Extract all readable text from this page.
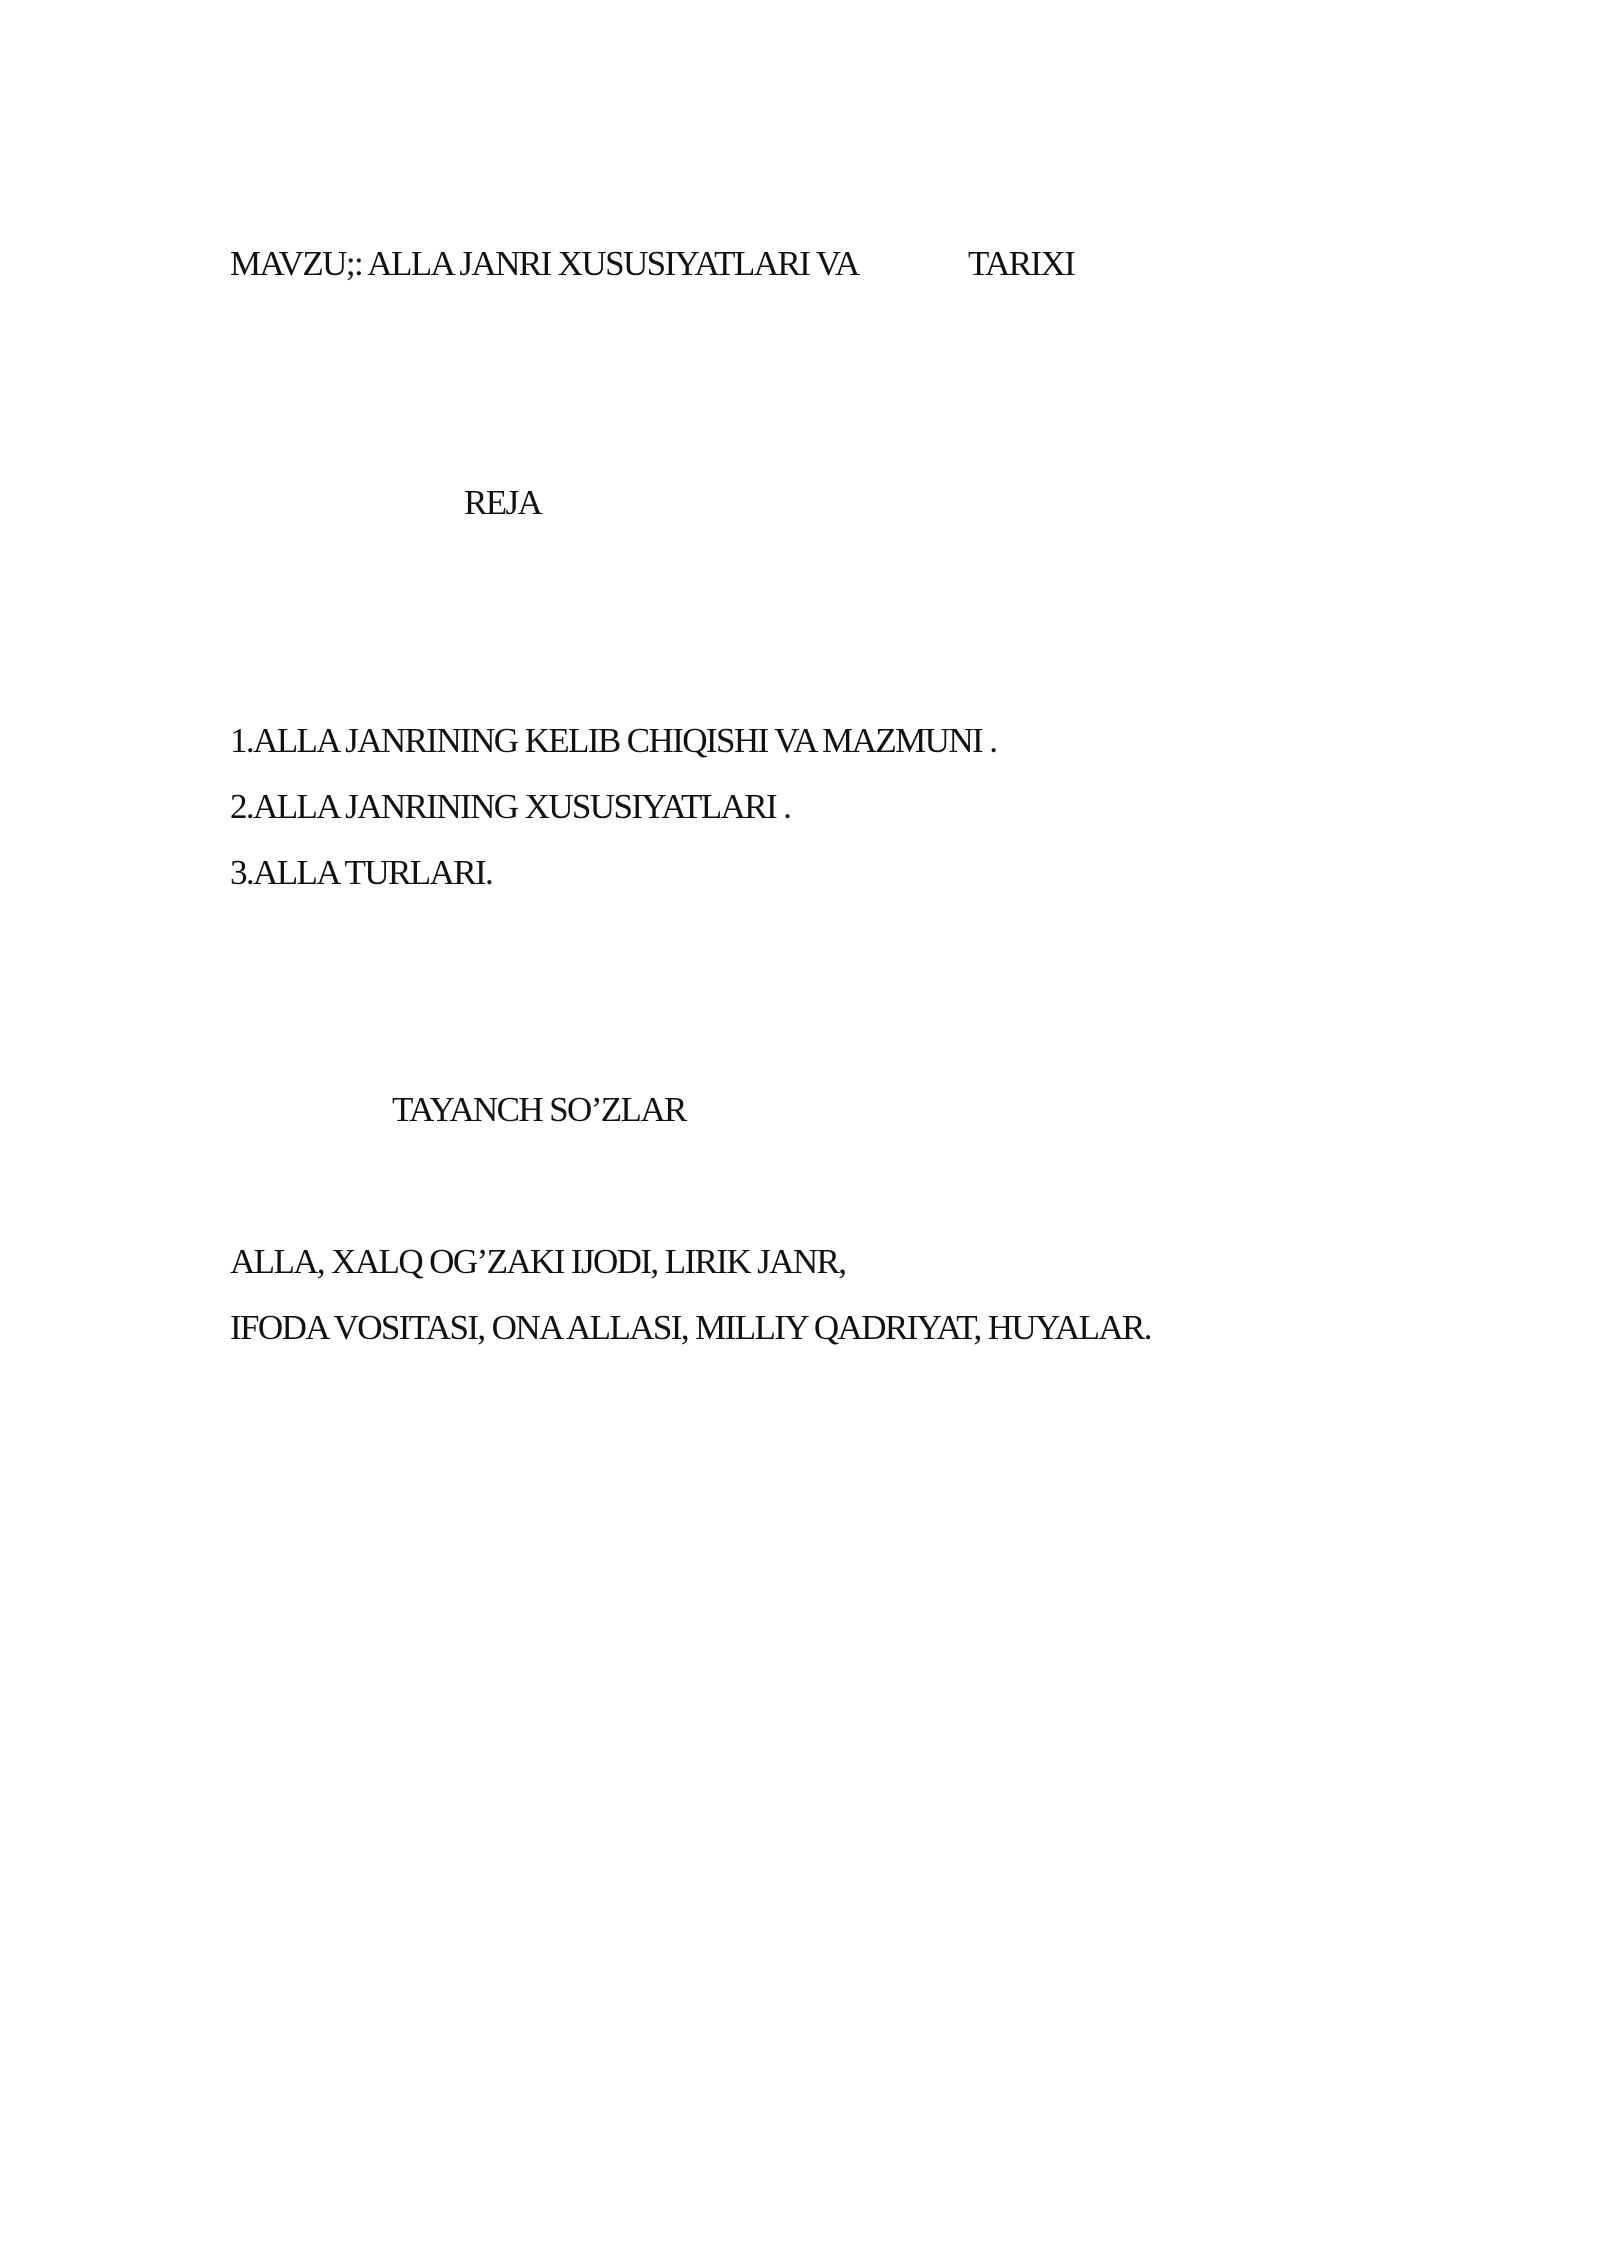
MAVZU;: ALLA JANRI XUSUSIYATLARI VA	TARIXI
REJA
1.ALLA JANRINING KELIB CHIQISHI VA MAZMUNI .
2.ALLA JANRINING XUSUSIYATLARI .
3.ALLA TURLARI.
TAYANCH SO’ZLAR
ALLA, XALQ OG’ZAKI IJODI, LIRIK JANR,
IFODA VOSITASI, ONA ALLASI, MILLIY QADRIYAT, HUYALAR.
